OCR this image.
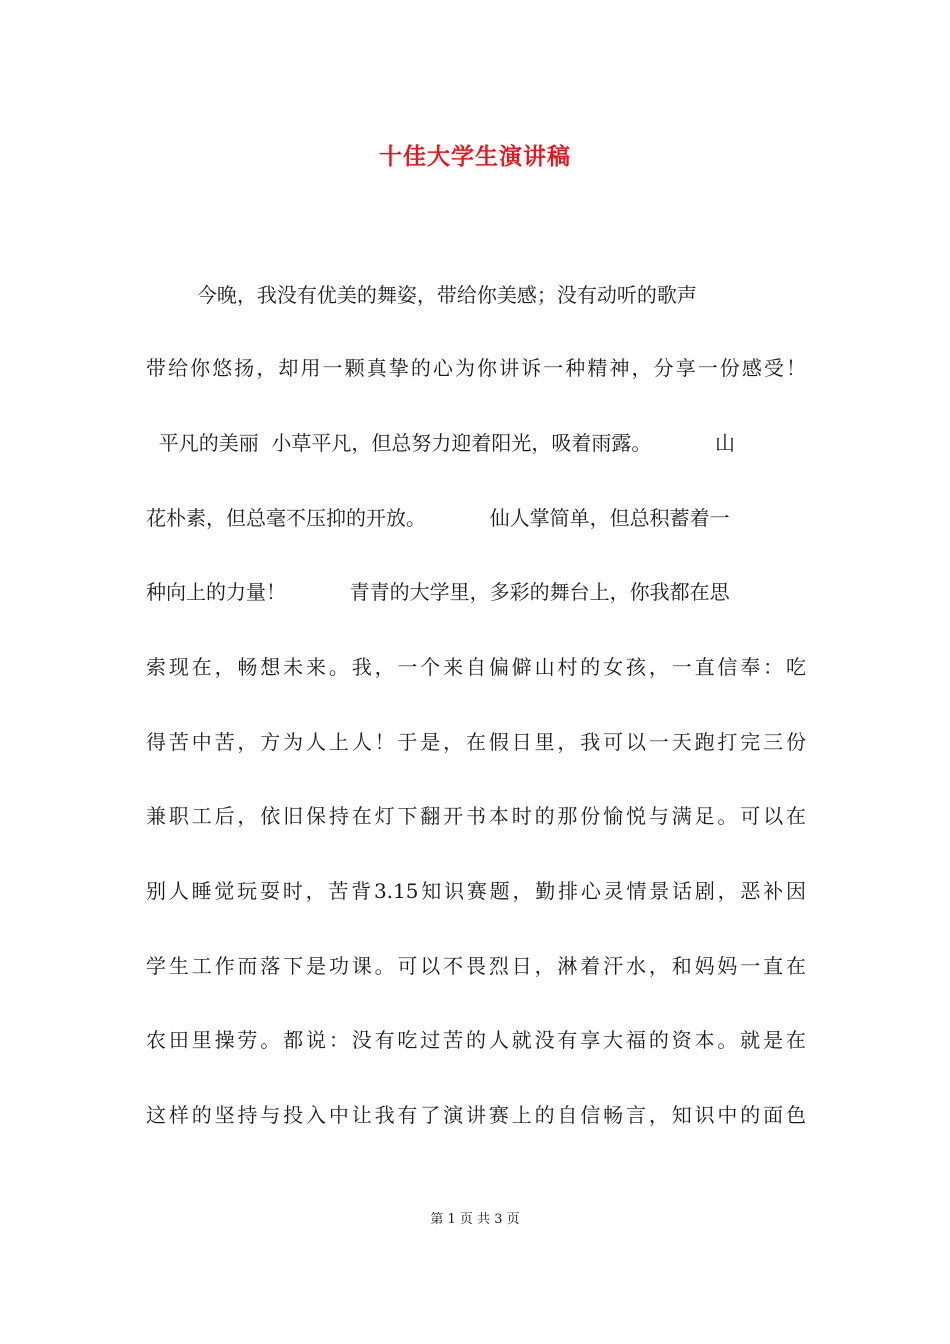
十佳大学生演讲稿
今晚，我没有优美的舞姿，带给你美感；没有动听的歌声
带给你悠扬，却用一颗真挚的心为你讲诉一种精神，分享一份感受！
平凡的美丽  小草平凡，但总努力迎着阳光，吸着雨露。          山
花朴素，但总毫不压抑的开放。          仙人掌简单，但总积蓄着一
种向上的力量！          青青的大学里，多彩的舞台上，你我都在思
索现在，畅想未来。我，一个来自偏僻山村的女孩，一直信奉：吃
得苦中苦，方为人上人！于是，在假日里，我可以一天跑打完三份
兼职工后，依旧保持在灯下翻开书本时的那份愉悦与满足。可以在
别人睡觉玩耍时，苦背3.15知识赛题，勤排心灵情景话剧，恶补因
学生工作而落下是功课。可以不畏烈日，淋着汗水，和妈妈一直在
农田里操劳。都说：没有吃过苦的人就没有享大福的资本。就是在
这样的坚持与投入中让我有了演讲赛上的自信畅言，知识中的面色
第 1 页 共 3 页
